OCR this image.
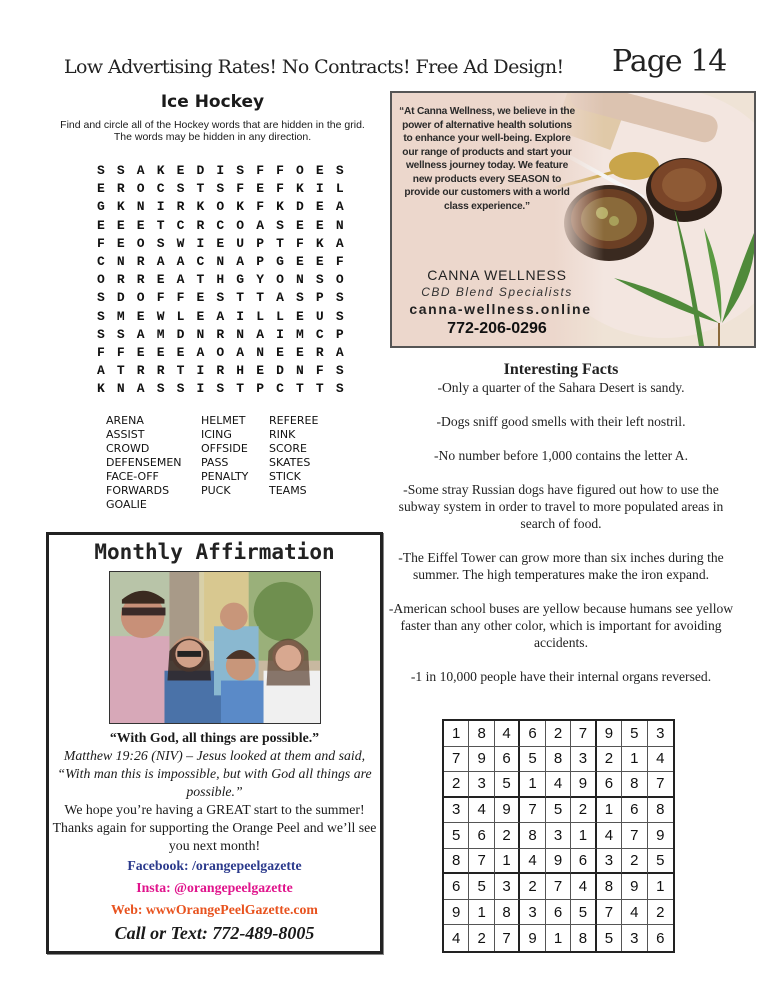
Low Advertising Rates! No Contracts! Free Ad Design! Page 14
Ice Hockey
Find and circle all of the Hockey words that are hidden in the grid.
The words may be hidden in any direction.
SSAKEDISFFOES
EROCSTSFEFKIL
GKNIRKOKFKDEA
EEETCRCOASEEN
FEOSWIEUPTFKA
CNRAACNAPGEEF
ORREATHGYONSO
SDOFFESTTASPS
SMEWLEAILLEUS
SSAMDNRNAIMCP
FFEEEAOANEERA
ATRRTIRHEDNFS
KNASSISTPCTTS
ARENA	HELMET	REFEREE
ASSIST	ICING	RINK
CROWD	OFFSIDE	SCORE
DEFENSEMEN	PASS	SKATES
FACE-OFF	PENALTY	STICK
FORWARDS	PUCK	TEAMS
GOALIE
“At Canna Wellness, we believe in the power of alternative health solutions to enhance your well-being. Explore our range of products and start your wellness journey today. We feature new products every SEASON to provide our customers with a world class experience.”
CANNA WELLNESS
CBD Blend Specialists
canna-wellness.online
772-206-0296
Interesting Facts

-Only a quarter of the Sahara Desert is sandy.

-Dogs sniff good smells with their left nostril.

-No number before 1,000 contains the letter A.

-Some stray Russian dogs have figured out how to use the subway system in order to travel to more populated areas in search of food.

-The Eiffel Tower can grow more than six inches during the summer. The high temperatures make the iron expand.

-American school buses are yellow because humans see yellow faster than any other color, which is important for avoiding accidents.

-1 in 10,000 people have their internal organs reversed.

Monthly Affirmation
“With God, all things are possible.”
Matthew 19:26 (NIV) – Jesus looked at them and said,
“With man this is impossible, but with God all things are possible.”
We hope you’re having a GREAT start to the summer! Thanks again for supporting the Orange Peel and we’ll see you next month!
Facebook: /orangepeelgazette
Insta: @orangepeelgazette
Web: wwwOrangePeelGazette.com
Call or Text: 772-489-8005
1	8	4	6	2	7	9	5	3
7	9	6	5	8	3	2	1	4
2	3	5	1	4	9	6	8	7
3	4	9	7	5	2	1	6	8
5	6	2	8	3	1	4	7	9
8	7	1	4	9	6	3	2	5
6	5	3	2	7	4	8	9	1
9	1	8	3	6	5	7	4	2
4	2	7	9	1	8	5	3	6
